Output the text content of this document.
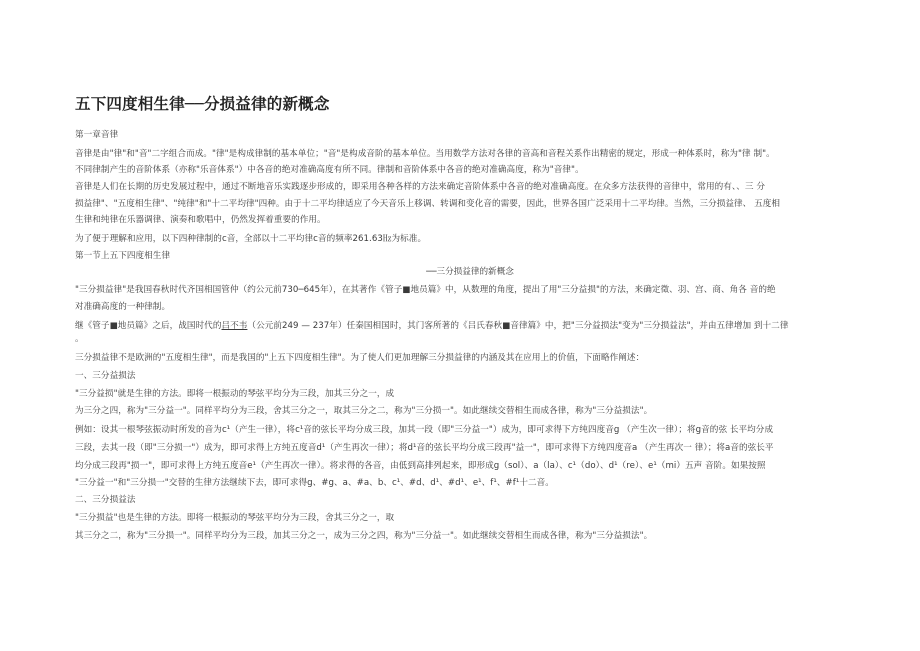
五下四度相生律──分损益律的新概念
第一章音律
音律是由"律"和"音"二字组合而成。"律"是构成律制的基本单位；"音"是构成音阶的基本单位。当用数学方法对各律的音高和音程关系作出精密的规定，形成一种体系时，称为"律 制"。
不同律制产生的音阶体系（亦称"乐音体系"）中各音的绝对准确高度有所不同。律制和音阶体系中各音的绝对准确高度，称为"音律"。
音律是人们在长期的历史发展过程中，通过不断地音乐实践逐步形成的，即采用各种各样的方法来确定音阶体系中各音的绝对准确高度。在众多方法获得的音律中，常用的有、、三 分
损益律"、"五度相生律"、"纯律"和"十二平均律"四种。由于十二平均律适应了今天音乐上移调、转调和变化音的需要，因此，世界各国广泛采用十二平均律。当然，三分损益律、 五度相
生律和纯律在乐器调律、演奏和歌唱中，仍然发挥着重要的作用。
为了便于理解和应用，以下四种律制的c音，全部以十二平均律c音的频率261.63㎐为标准。
第一节上五下四度相生律
──三分损益律的新概念
"三分损益律"是我国春秋时代齐国相国管仲（约公元前730─645年），在其著作《管子■地员篇》中，从数理的角度，提出了用"三分益损"的方法，来确定徵、羽、宫、商、角各 音的绝
对准确高度的一种律制。
继《管子■地员篇》之后，战国时代的吕不韦（公元前249 — 237年）任秦国相国时，其门客所著的《吕氏春秋■音律篇》中，把"三分益损法"变为"三分损益法"，并由五律增加 到十二律
。
三分损益律不是欧洲的"五度相生律"，而是我国的"上五下四度相生律"。为了使人们更加理解三分损益律的内涵及其在应用上的价值，下面略作阐述：
一、三分益损法
"三分益损"就是生律的方法。即将一根振动的琴弦平均分为三段，加其三分之一，成
为三分之四，称为"三分益一"。同样平均分为三段，舍其三分之一，取其三分之二，称为"三分损一"。如此继续交替相生而成各律，称为"三分益损法"。
例如：设其一根琴弦振动时所发的音为c¹（产生一律），将c¹音的弦长平均分成三段，加其一段（即"三分益一"）成为，即可求得下方纯四度音g （产生次一律）；将g音的弦 长平均分成
三段，去其一段（即"三分损一"）成为，即可求得上方纯五度音d¹（产生再次一律）；将d¹音的弦长平均分成三段再"益一"，即可求得下方纯四度音a （产生再次一 律）；将a音的弦长平
均分成三段再"损一"，即可求得上方纯五度音e¹（产生再次一律）。将求得的各音，由低到高排列起来，即形成g（sol）、a（la）、c¹（do）、d¹（re）、e¹（mi）五声 音阶。如果按照
"三分益一"和"三分损一"交替的生律方法继续下去，即可求得g、#g、a、#a、b、c¹、#d、d¹、#d¹、e¹、f¹、#f¹十二音。
二、三分损益法
"三分损益"也是生律的方法。即将一根振动的琴弦平均分为三段，舍其三分之一，取
其三分之二，称为"三分损一"。同样平均分为三段，加其三分之一，成为三分之四，称为"三分益一"。如此继续交替相生而成各律，称为"三分益损法"。
